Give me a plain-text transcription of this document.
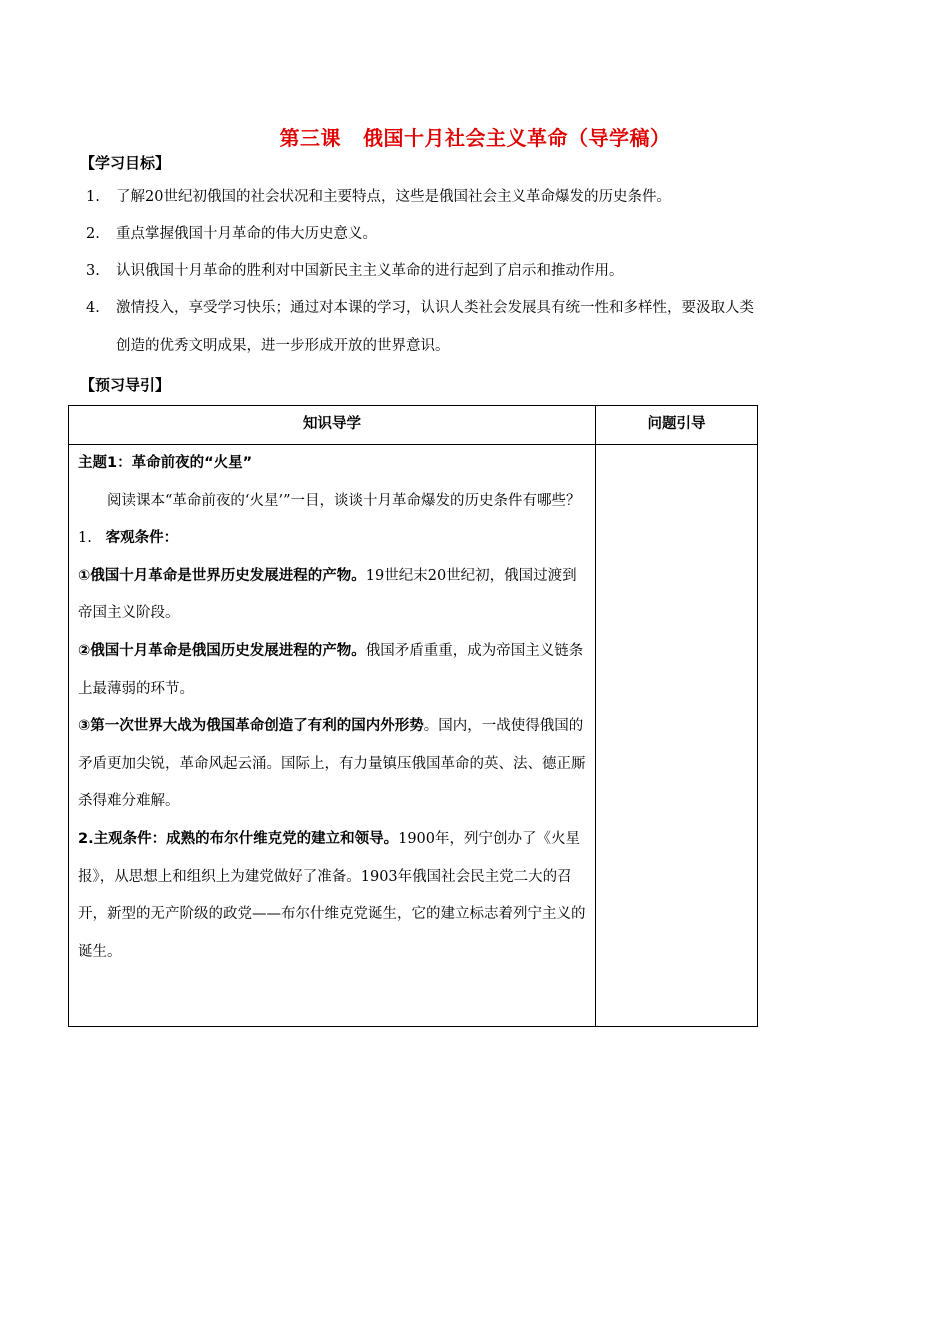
第三课 俄国十月社会主义革命（导学稿）
【学习目标】
1. 了解20世纪初俄国的社会状况和主要特点，这些是俄国社会主义革命爆发的历史条件。
2. 重点掌握俄国十月革命的伟大历史意义。
3. 认识俄国十月革命的胜利对中国新民主主义革命的进行起到了启示和推动作用。
4. 激情投入，享受学习快乐；通过对本课的学习，认识人类社会发展具有统一性和多样性，要汲取人类
创造的优秀文明成果，进一步形成开放的世界意识。
【预习导引】
知识导学	问题引导

主题1：革命前夜的“火星”

阅读课本“革命前夜的‘火星’”一目，谈谈十月革命爆发的历史条件有哪些？

1. 客观条件：

①俄国十月革命是世界历史发展进程的产物。19世纪末20世纪初，俄国过渡到帝国主义阶段。

②俄国十月革命是俄国历史发展进程的产物。俄国矛盾重重，成为帝国主义链条上最薄弱的环节。

③第一次世界大战为俄国革命创造了有利的国内外形势。国内，一战使得俄国的矛盾更加尖锐，革命风起云涌。国际上，有力量镇压俄国革命的英、法、德正厮杀得难分难解。

2.主观条件：成熟的布尔什维克党的建立和领导。1900年，列宁创办了《火星报》，从思想上和组织上为建党做好了准备。1903年俄国社会民主党二大的召开，新型的无产阶级的政党——布尔什维克党诞生，它的建立标志着列宁主义的诞生。
